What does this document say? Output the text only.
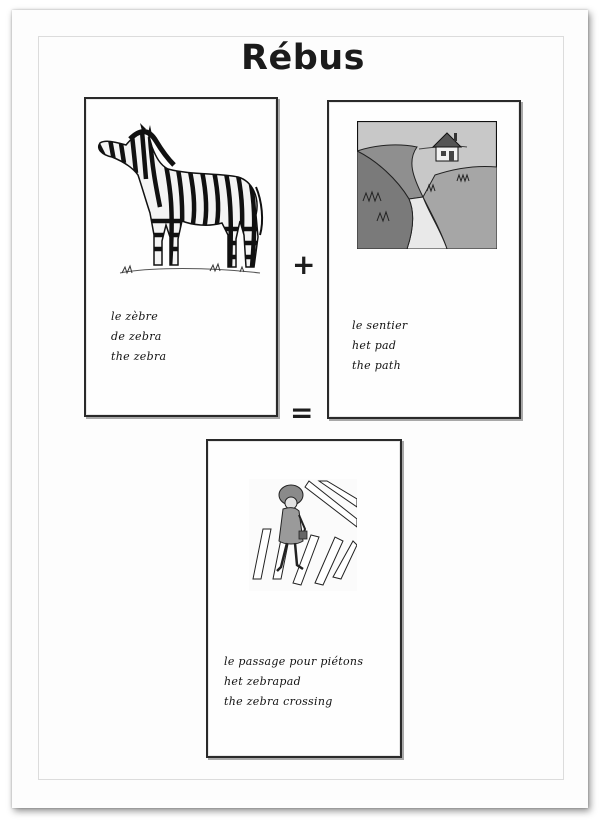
Rébus
le zèbre
de zebra
the zebra
+
le sentier
het pad
the path
=
le passage pour piétons
het zebrapad
the zebra crossing
